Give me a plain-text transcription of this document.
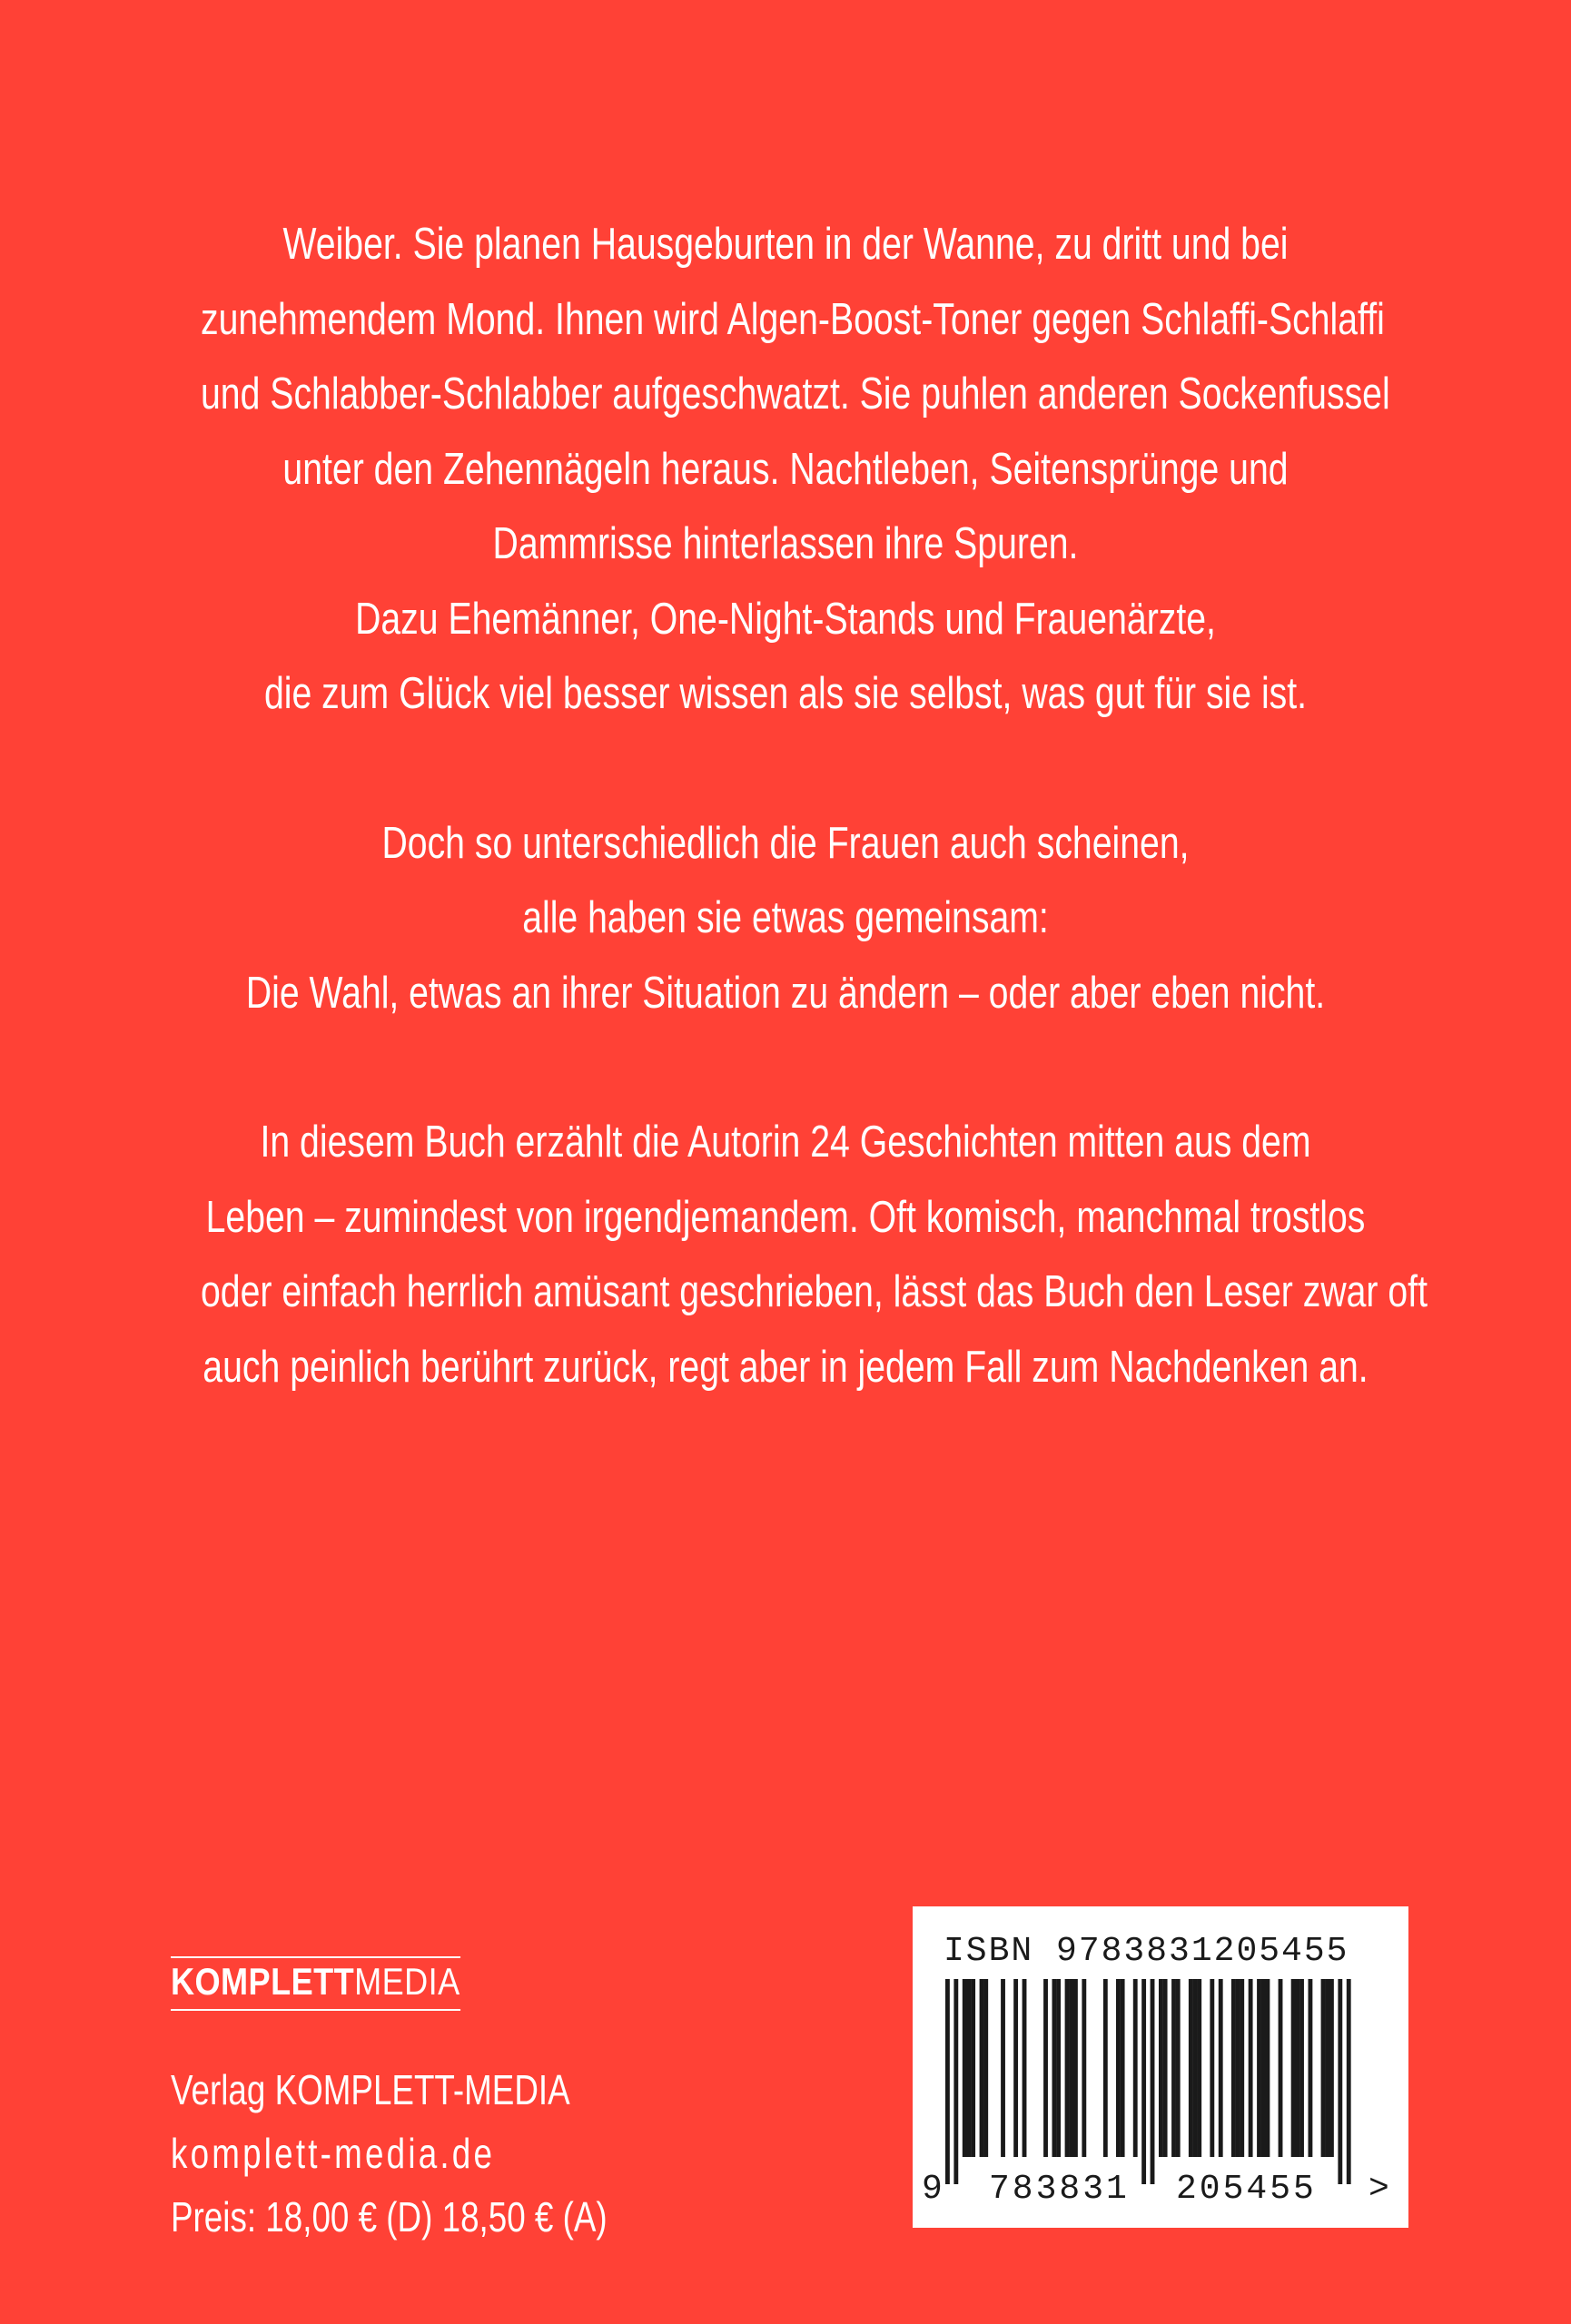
Weiber. Sie planen Hausgeburten in der Wanne, zu dritt und bei
zunehmendem Mond. Ihnen wird Algen-Boost-Toner gegen Schlaffi-Schlaffi
und Schlabber-Schlabber aufgeschwatzt. Sie puhlen anderen Sockenfussel
unter den Zehennägeln heraus. Nachtleben, Seitensprünge und
Dammrisse hinterlassen ihre Spuren.
Dazu Ehemänner, One-Night-Stands und Frauenärzte,
die zum Glück viel besser wissen als sie selbst, was gut für sie ist.

Doch so unterschiedlich die Frauen auch scheinen,
alle haben sie etwas gemeinsam:
Die Wahl, etwas an ihrer Situation zu ändern – oder aber eben nicht.

In diesem Buch erzählt die Autorin 24 Geschichten mitten aus dem
Leben – zumindest von irgendjemandem. Oft komisch, manchmal trostlos
oder einfach herrlich amüsant geschrieben, lässt das Buch den Leser zwar oft
auch peinlich berührt zurück, regt aber in jedem Fall zum Nachdenken an.

KOMPLETTMEDIA
Verlag KOMPLETT-MEDIA
komplett-media.de
Preis: 18,00 € (D) 18,50 € (A)
ISBN 9783831205455
9 783831 205455 >
